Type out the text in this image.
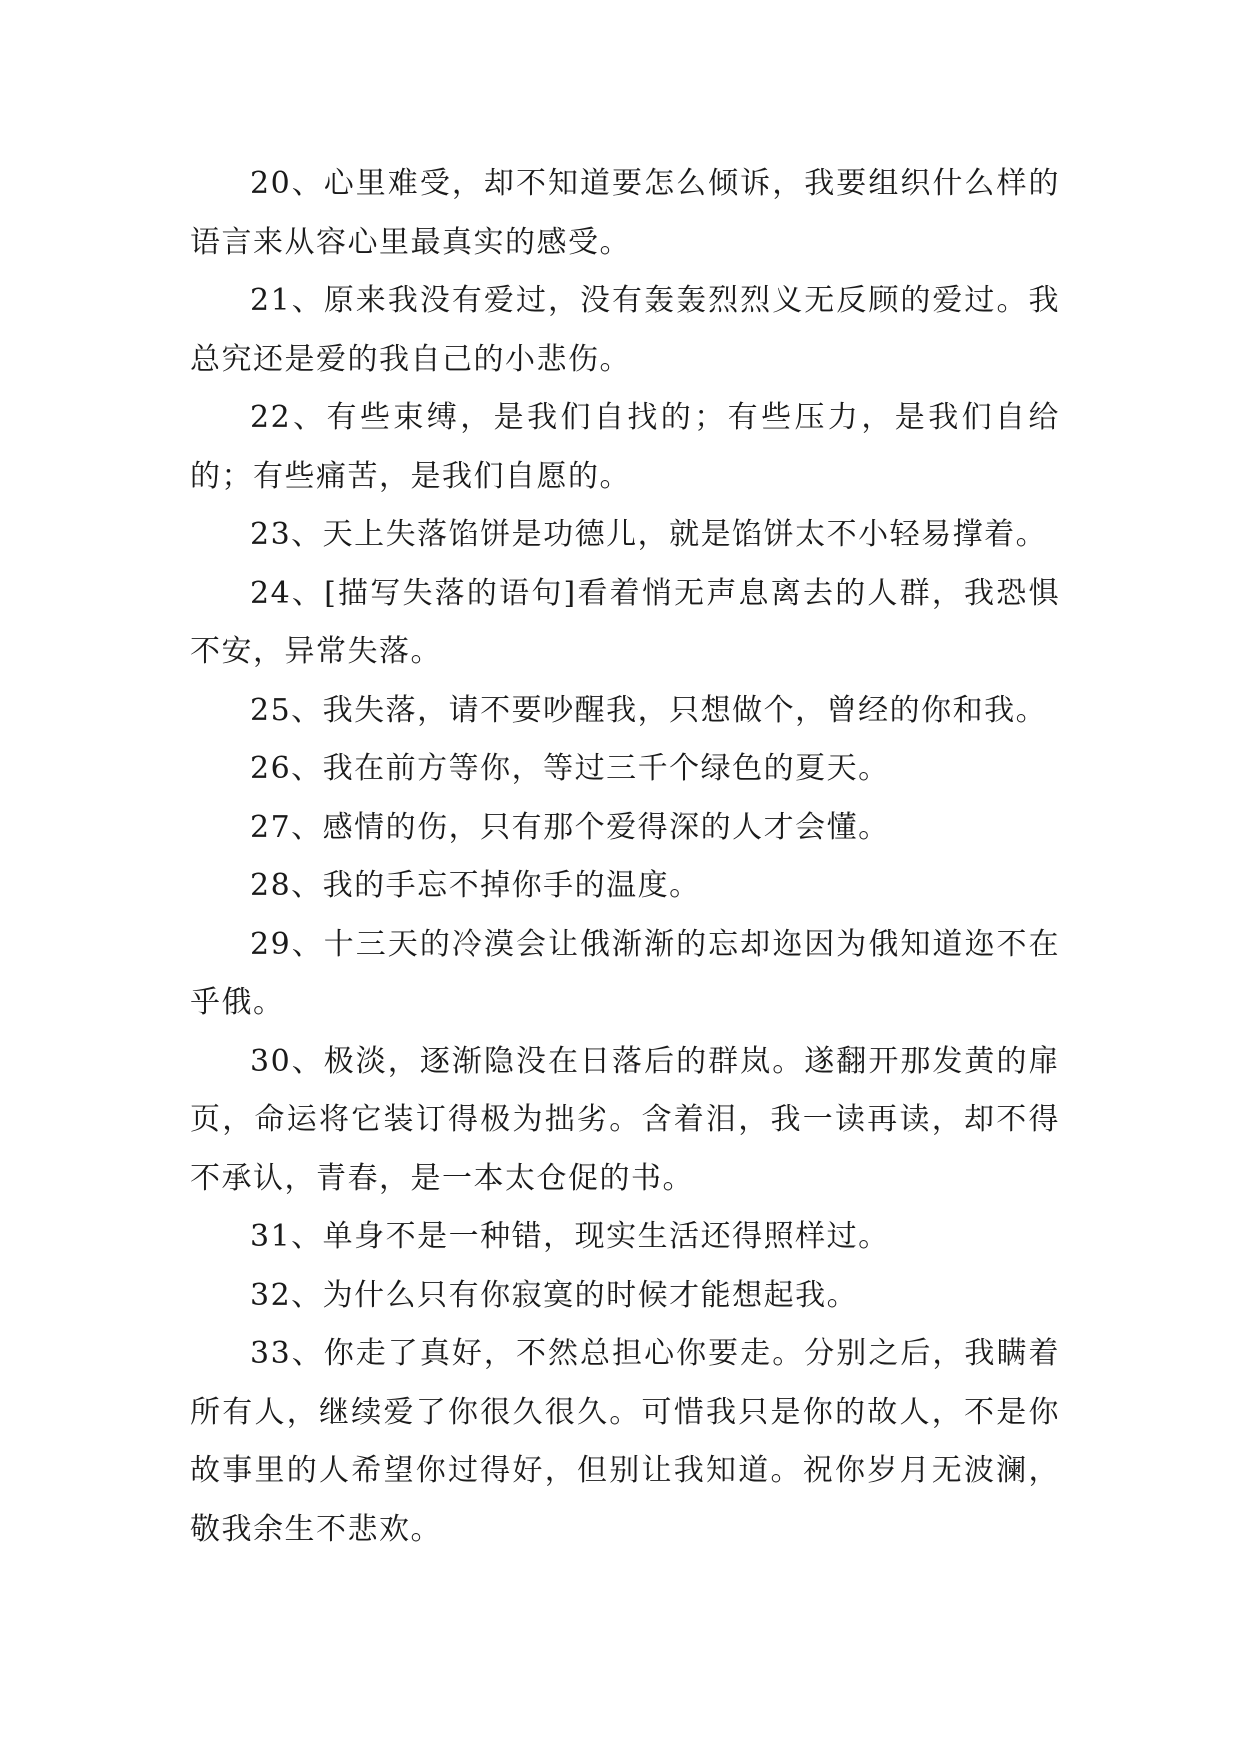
20、心里难受，却不知道要怎么倾诉，我要组织什么样的语言来从容心里最真实的感受。

21、原来我没有爱过，没有轰轰烈烈义无反顾的爱过。我总究还是爱的我自己的小悲伤。

22、有些束缚，是我们自找的；有些压力，是我们自给的；有些痛苦，是我们自愿的。

23、天上失落馅饼是功德儿，就是馅饼太不小轻易撑着。

24、[描写失落的语句]看着悄无声息离去的人群，我恐惧不安，异常失落。

25、我失落，请不要吵醒我，只想做个，曾经的你和我。

26、我在前方等你，等过三千个绿色的夏天。

27、感情的伤，只有那个爱得深的人才会懂。

28、我的手忘不掉你手的温度。

29、十三天的冷漠会让俄渐渐的忘却迩因为俄知道迩不在乎俄。

30、极淡，逐渐隐没在日落后的群岚。遂翻开那发黄的扉页，命运将它装订得极为拙劣。含着泪，我一读再读，却不得不承认，青春，是一本太仓促的书。

31、单身不是一种错，现实生活还得照样过。

32、为什么只有你寂寞的时候才能想起我。

33、你走了真好，不然总担心你要走。分别之后，我瞒着所有人，继续爱了你很久很久。可惜我只是你的故人，不是你故事里的人希望你过得好，但别让我知道。祝你岁月无波澜，敬我余生不悲欢。
